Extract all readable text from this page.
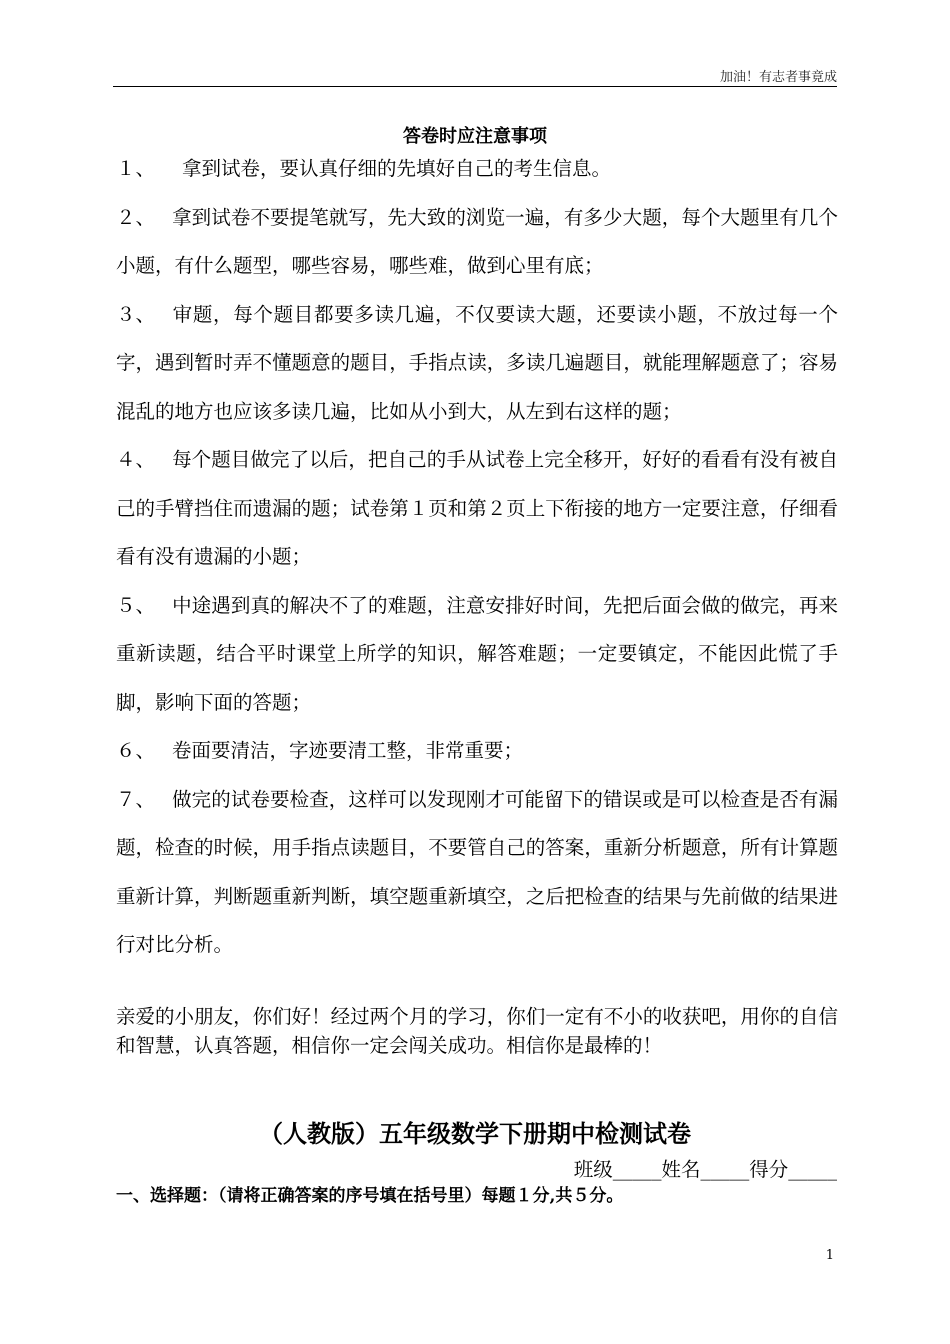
加油！有志者事竟成
答卷时应注意事项

１、 拿到试卷，要认真仔细的先填好自己的考生信息。

２、 拿到试卷不要提笔就写，先大致的浏览一遍，有多少大题，每个大题里有几个小题，有什么题型，哪些容易，哪些难，做到心里有底；

３、 审题，每个题目都要多读几遍，不仅要读大题，还要读小题，不放过每一个字，遇到暂时弄不懂题意的题目，手指点读，多读几遍题目，就能理解题意了；容易混乱的地方也应该多读几遍，比如从小到大，从左到右这样的题；

４、 每个题目做完了以后，把自己的手从试卷上完全移开，好好的看看有没有被自己的手臂挡住而遗漏的题；试卷第１页和第２页上下衔接的地方一定要注意，仔细看看有没有遗漏的小题；

５、 中途遇到真的解决不了的难题，注意安排好时间，先把后面会做的做完，再来重新读题，结合平时课堂上所学的知识，解答难题；一定要镇定，不能因此慌了手脚，影响下面的答题；

６、 卷面要清洁，字迹要清工整，非常重要；

７、 做完的试卷要检查，这样可以发现刚才可能留下的错误或是可以检查是否有漏题，检查的时候，用手指点读题目，不要管自己的答案，重新分析题意，所有计算题重新计算，判断题重新判断，填空题重新填空，之后把检查的结果与先前做的结果进行对比分析。

亲爱的小朋友，你们好！经过两个月的学习，你们一定有不小的收获吧，用你的自信和智慧，认真答题，相信你一定会闯关成功。相信你是最棒的！
（人教版）五年级数学下册期中检测试卷
班级_____姓名_____得分_____
一、选择题：（请将正确答案的序号填在括号里）每题１分,共５分。
1
